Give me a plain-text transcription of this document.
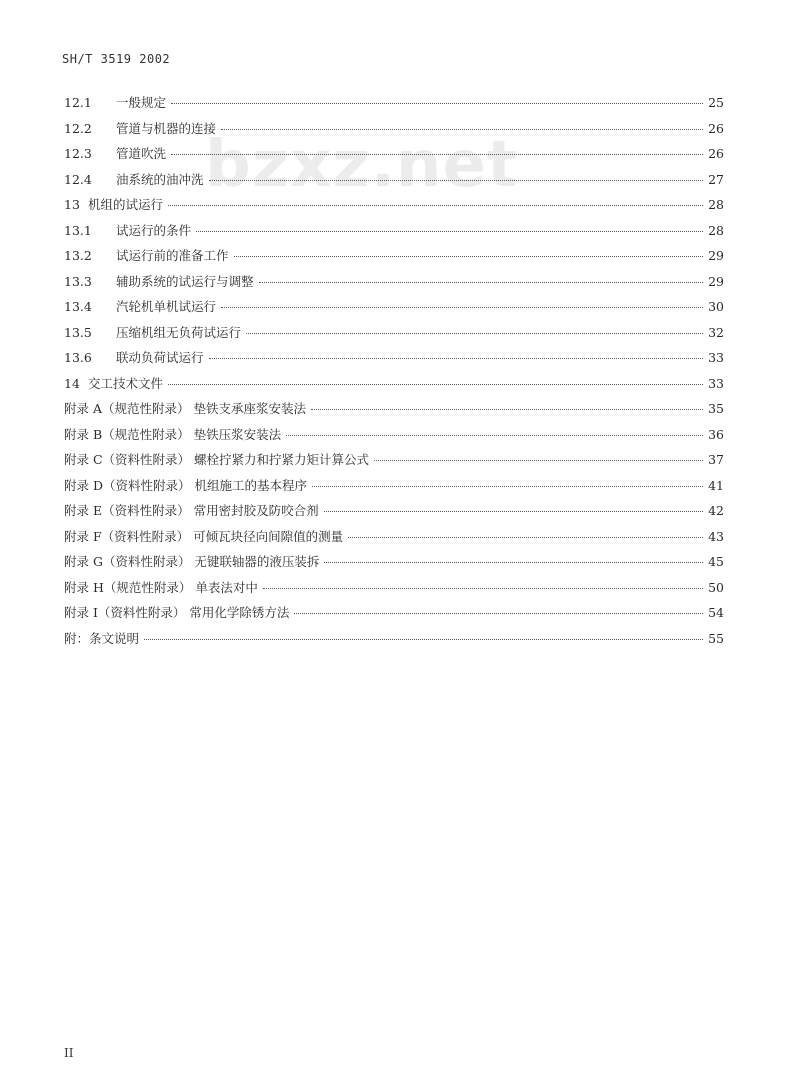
SH/T 3519 2002
bzxz.net
12.1	一般规定	25
12.2	管道与机器的连接	26
12.3	管道吹洗	26
12.4	油系统的油冲洗	27
13 机组的试运行	28
13.1	试运行的条件	28
13.2	试运行前的准备工作	29
13.3	辅助系统的试运行与调整	29
13.4	汽轮机单机试运行	30
13.5	压缩机组无负荷试运行	32
13.6	联动负荷试运行	33
14 交工技术文件	33
附录 A（规范性附录） 垫铁支承座浆安装法	35
附录 B（规范性附录） 垫铁压浆安装法	36
附录 C（资料性附录） 螺栓拧紧力和拧紧力矩计算公式	37
附录 D（资料性附录） 机组施工的基本程序	41
附录 E（资料性附录） 常用密封胶及防咬合剂	42
附录 F（资料性附录） 可倾瓦块径向间隙值的测量	43
附录 G（资料性附录） 无键联轴器的液压装拆	45
附录 H（规范性附录） 单表法对中	50
附录 I（资料性附录） 常用化学除锈方法	54
附：条文说明	55
II
